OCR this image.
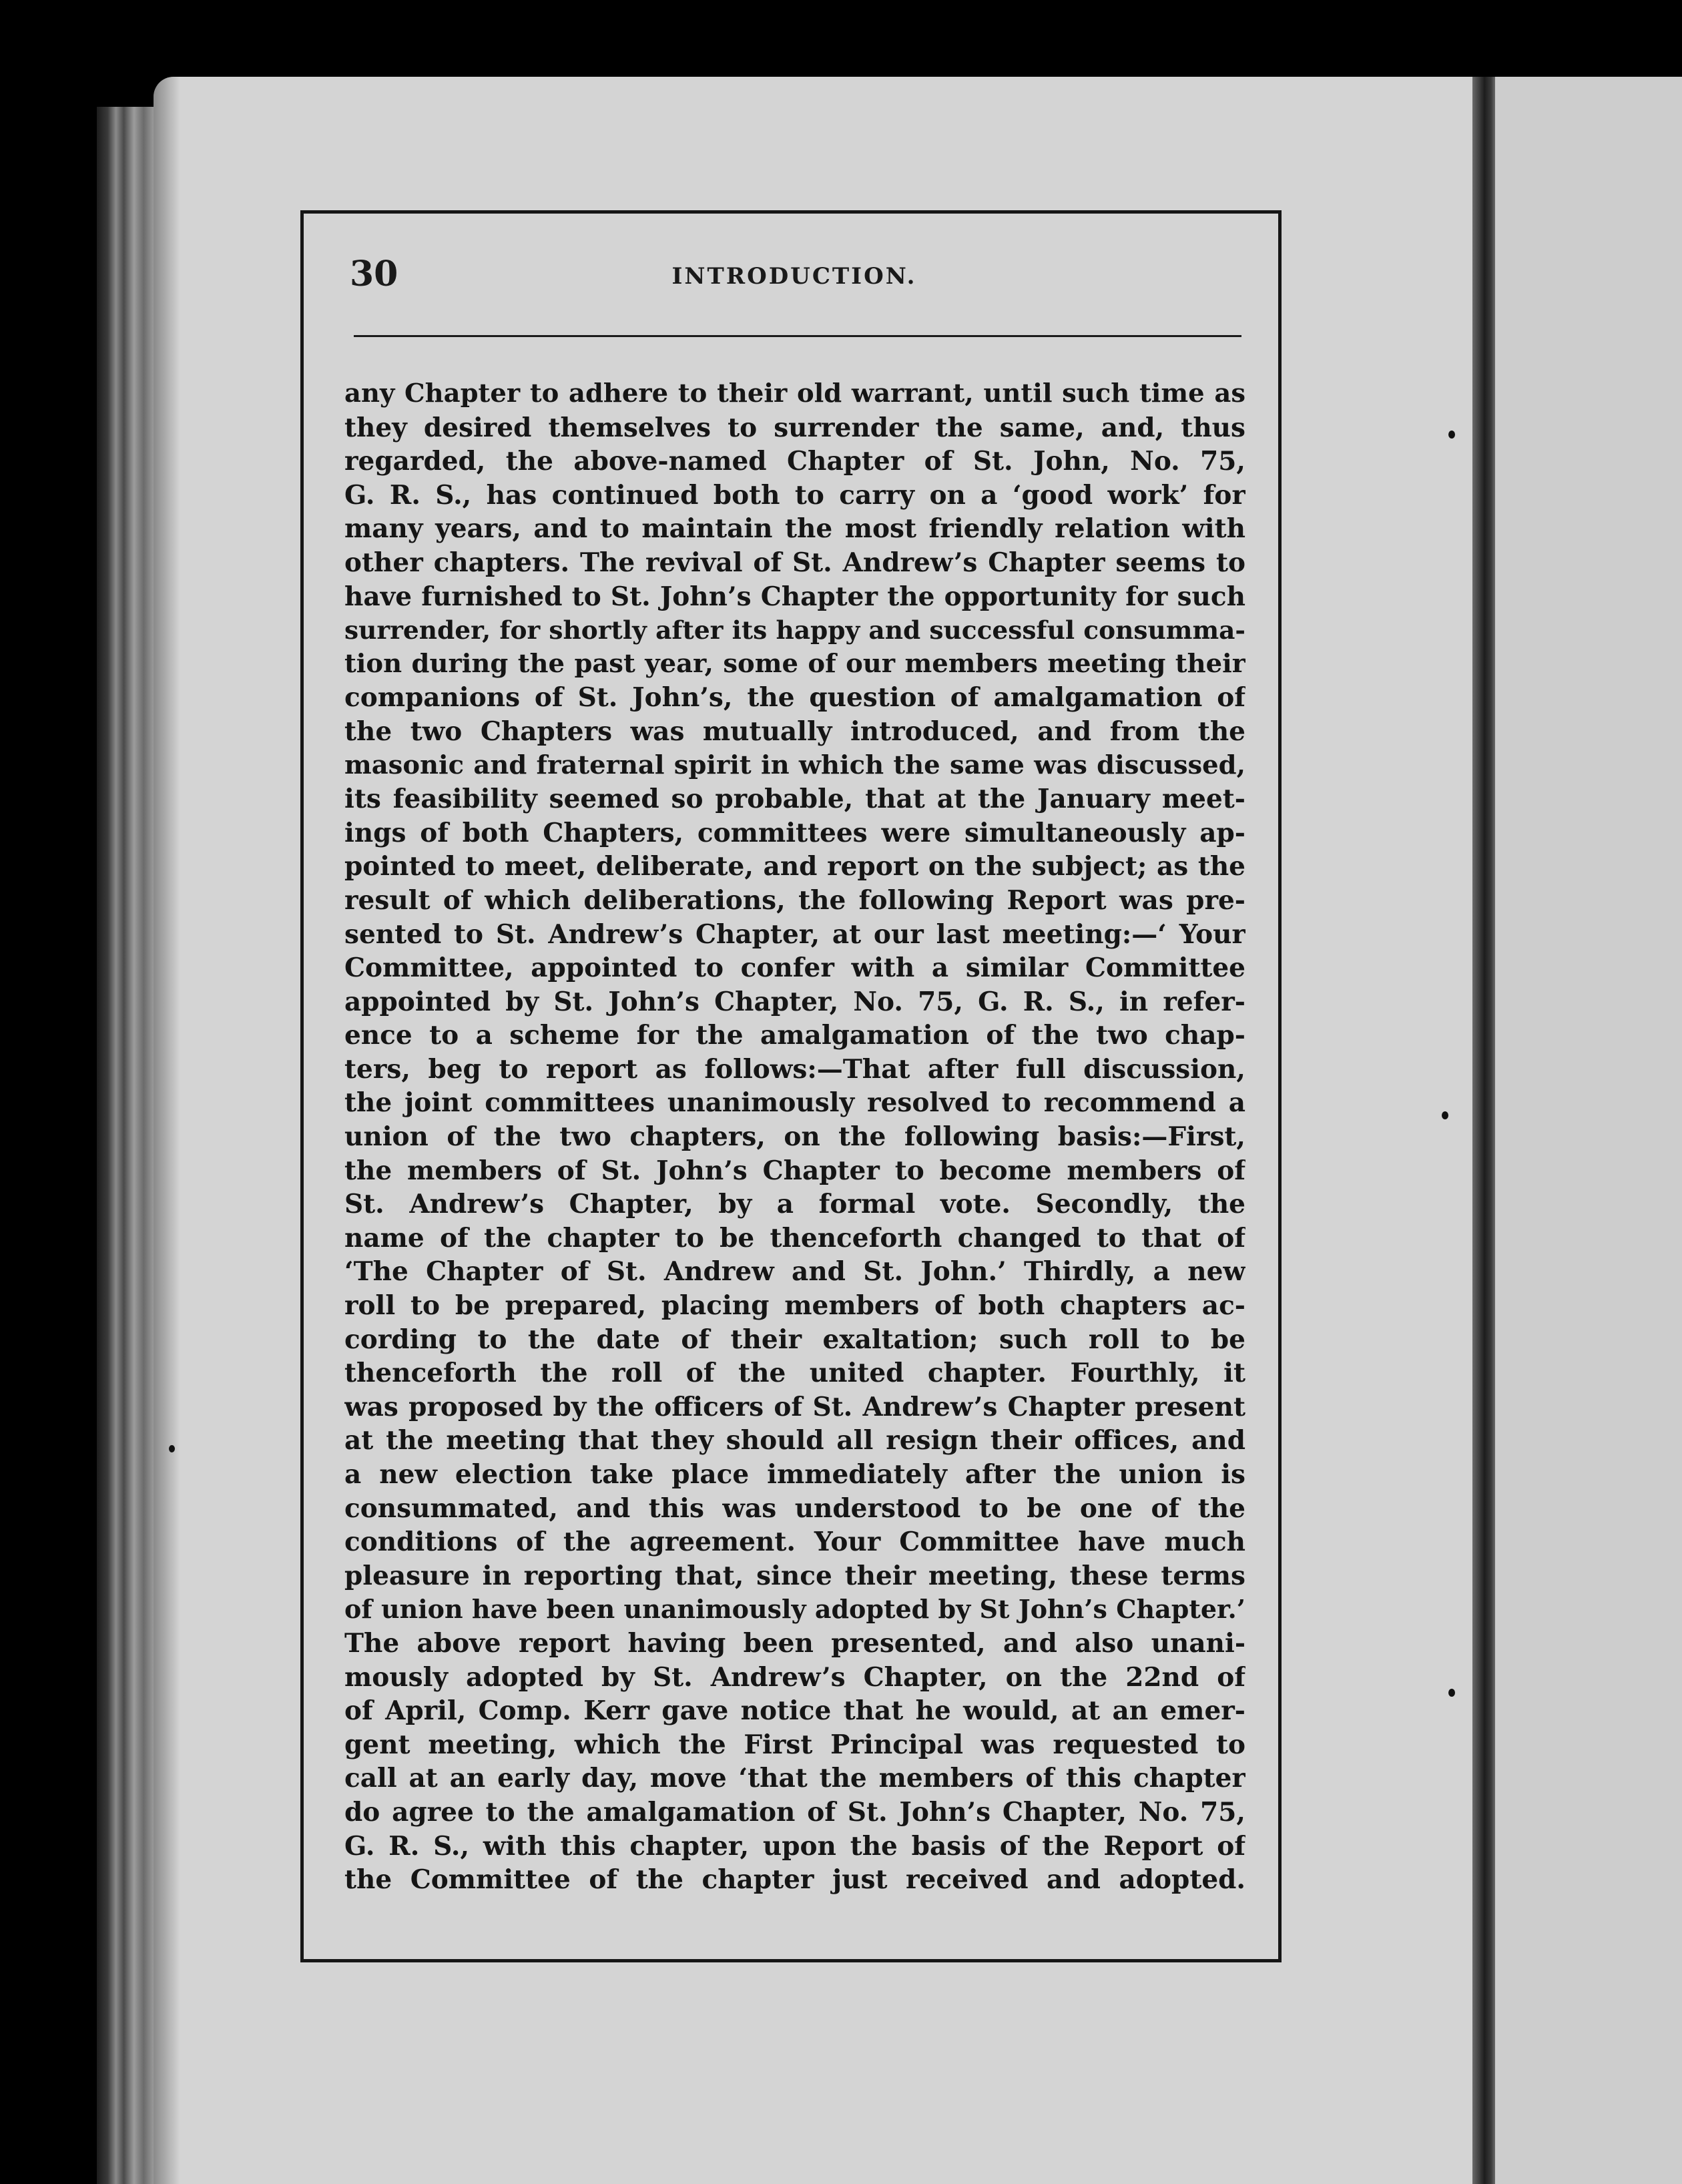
30	INTRODUCTION.
any Chapter to adhere to their old warrant, until such time as
they desired themselves to surrender the same, and, thus
regarded, the above-named Chapter of St. John, No. 75,
G. R. S., has continued both to carry on a ‘good work’ for
many years, and to maintain the most friendly relation with
other chapters. The revival of St. Andrew’s Chapter seems to
have furnished to St. John’s Chapter the opportunity for such
surrender, for shortly after its happy and successful consumma-
tion during the past year, some of our members meeting their
companions of St. John’s, the question of amalgamation of
the two Chapters was mutually introduced, and from the
masonic and fraternal spirit in which the same was discussed,
its feasibility seemed so probable, that at the January meet-
ings of both Chapters, committees were simultaneously ap-
pointed to meet, deliberate, and report on the subject; as the
result of which deliberations, the following Report was pre-
sented to St. Andrew’s Chapter, at our last meeting:—‘ Your
Committee, appointed to confer with a similar Committee
appointed by St. John’s Chapter, No. 75, G. R. S., in refer-
ence to a scheme for the amalgamation of the two chap-
ters, beg to report as follows:—That after full discussion,
the joint committees unanimously resolved to recommend a
union of the two chapters, on the following basis:—First,
the members of St. John’s Chapter to become members of
St. Andrew’s Chapter, by a formal vote. Secondly, the
name of the chapter to be thenceforth changed to that of
‘The Chapter of St. Andrew and St. John.’ Thirdly, a new
roll to be prepared, placing members of both chapters ac-
cording to the date of their exaltation; such roll to be
thenceforth the roll of the united chapter. Fourthly, it
was proposed by the officers of St. Andrew’s Chapter present
at the meeting that they should all resign their offices, and
a new election take place immediately after the union is
consummated, and this was understood to be one of the
conditions of the agreement. Your Committee have much
pleasure in reporting that, since their meeting, these terms
of union have been unanimously adopted by St John’s Chapter.’
The above report having been presented, and also unani-
mously adopted by St. Andrew’s Chapter, on the 22nd of
of April, Comp. Kerr gave notice that he would, at an emer-
gent meeting, which the First Principal was requested to
call at an early day, move ‘that the members of this chapter
do agree to the amalgamation of St. John’s Chapter, No. 75,
G. R. S., with this chapter, upon the basis of the Report of
the Committee of the chapter just received and adopted.
